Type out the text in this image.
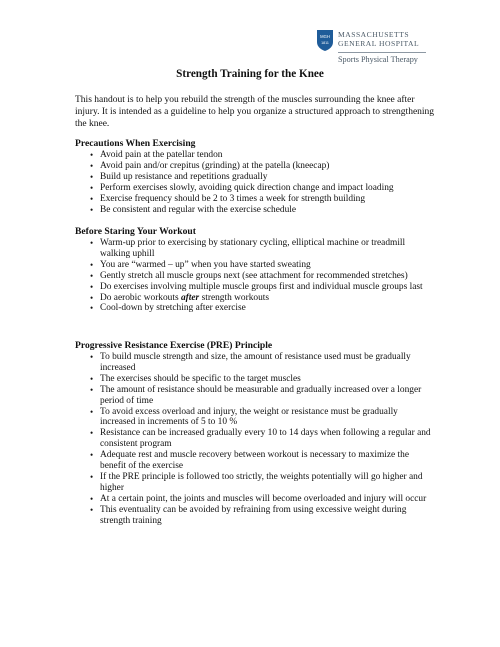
MGH
1811
MASSACHUSETTS
GENERAL HOSPITAL
Sports Physical Therapy
Strength Training for the Knee

This handout is to help you rebuild the strength of the muscles surrounding the knee after injury. It is intended as a guideline to help you organize a structured approach to strengthening the knee.

Precautions When Exercising
• Avoid pain at the patellar tendon
• Avoid pain and/or crepitus (grinding) at the patella (kneecap)
• Build up resistance and repetitions gradually
• Perform exercises slowly, avoiding quick direction change and impact loading
• Exercise frequency should be 2 to 3 times a week for strength building
• Be consistent and regular with the exercise schedule
Before Staring Your Workout
• Warm-up prior to exercising by stationary cycling, elliptical machine or treadmill walking uphill
• You are “warmed – up” when you have started sweating
• Gently stretch all muscle groups next (see attachment for recommended stretches)
• Do exercises involving multiple muscle groups first and individual muscle groups last
• Do aerobic workouts after strength workouts
• Cool-down by stretching after exercise
Progressive Resistance Exercise (PRE) Principle
• To build muscle strength and size, the amount of resistance used must be gradually increased
• The exercises should be specific to the target muscles
• The amount of resistance should be measurable and gradually increased over a longer period of time
• To avoid excess overload and injury, the weight or resistance must be gradually increased in increments of 5 to 10 %
• Resistance can be increased gradually every 10 to 14 days when following a regular and consistent program
• Adequate rest and muscle recovery between workout is necessary to maximize the benefit of the exercise
• If the PRE principle is followed too strictly, the weights potentially will go higher and higher
• At a certain point, the joints and muscles will become overloaded and injury will occur
• This eventuality can be avoided by refraining from using excessive weight during strength training
